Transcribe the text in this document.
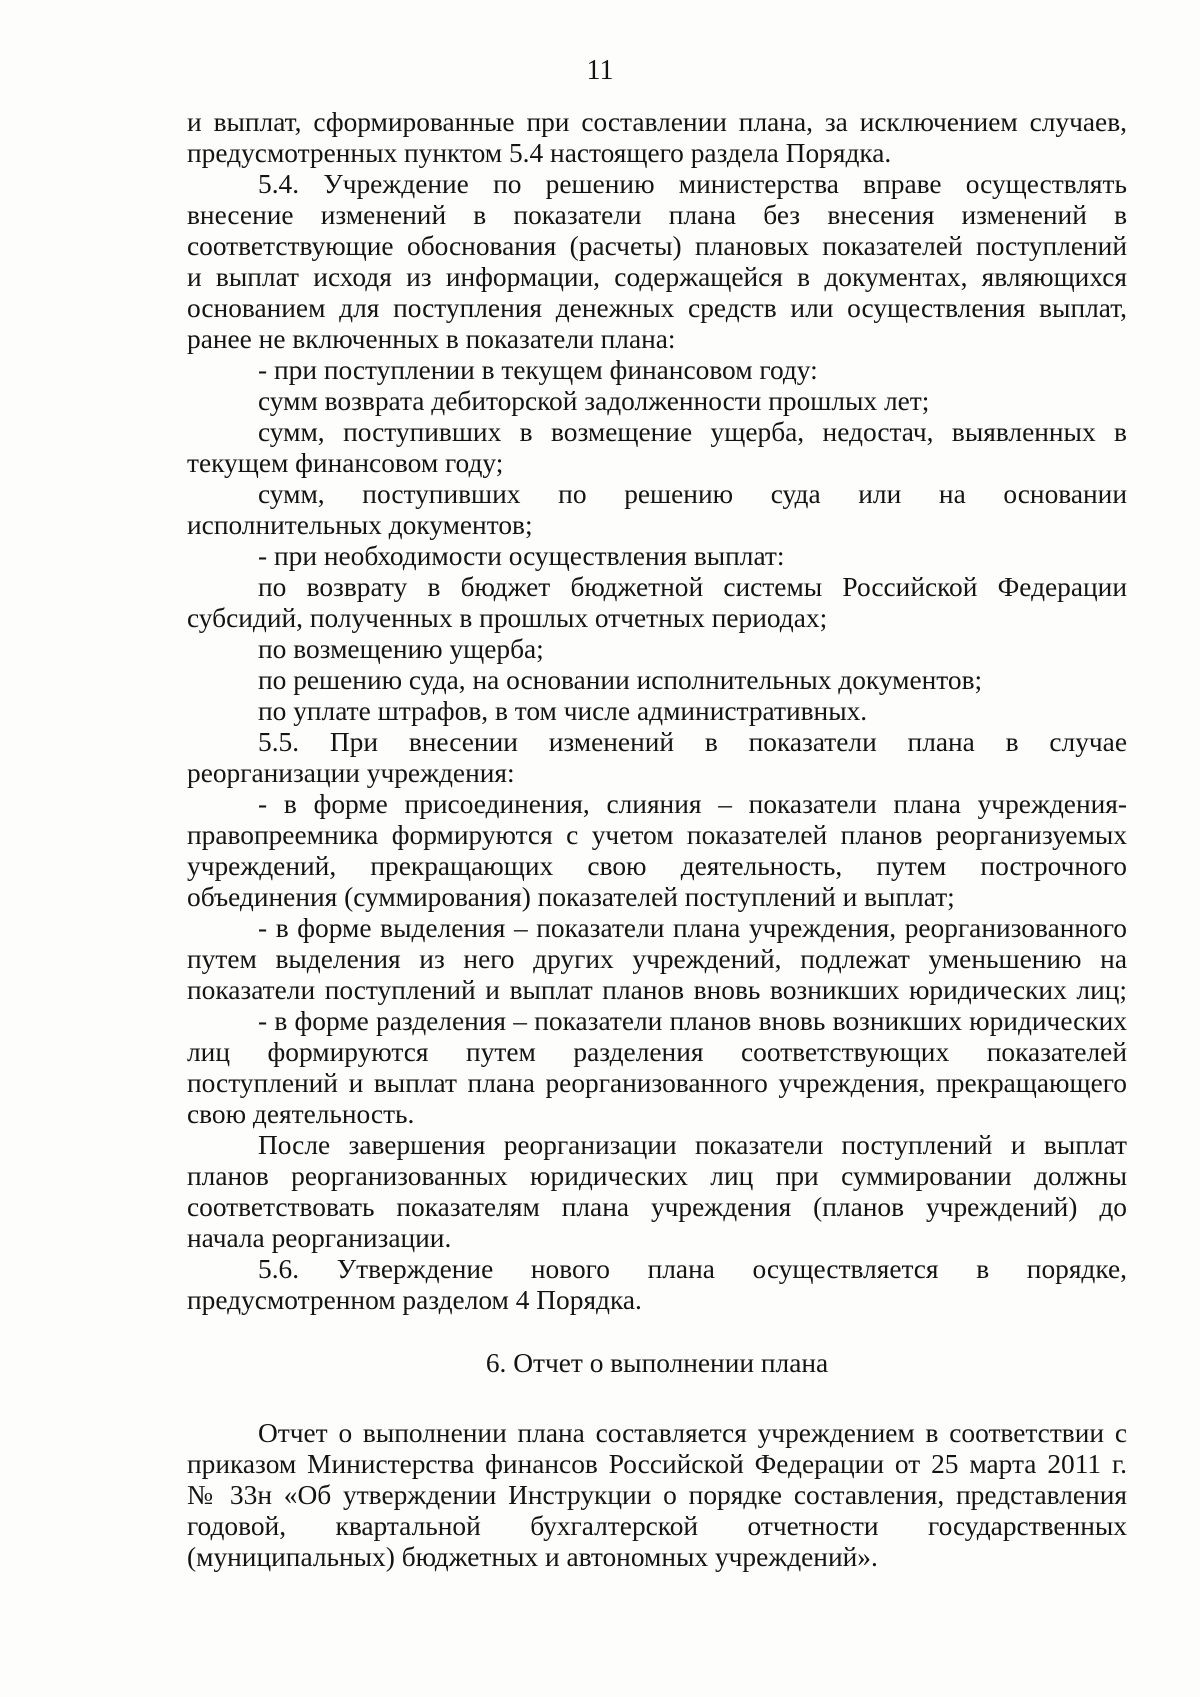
11
и выплат, сформированные при составлении плана, за исключением случаев,
предусмотренных пунктом 5.4 настоящего раздела Порядка.
5.4. Учреждение по решению министерства вправе осуществлять
внесение изменений в показатели плана без внесения изменений в
соответствующие обоснования (расчеты) плановых показателей поступлений
и выплат исходя из информации, содержащейся в документах, являющихся
основанием для поступления денежных средств или осуществления выплат,
ранее не включенных в показатели плана:
- при поступлении в текущем финансовом году:
сумм возврата дебиторской задолженности прошлых лет;
сумм, поступивших в возмещение ущерба, недостач, выявленных в
текущем финансовом году;
сумм, поступивших по решению суда или на основании
исполнительных документов;
- при необходимости осуществления выплат:
по возврату в бюджет бюджетной системы Российской Федерации
субсидий, полученных в прошлых отчетных периодах;
по возмещению ущерба;
по решению суда, на основании исполнительных документов;
по уплате штрафов, в том числе административных.
5.5. При внесении изменений в показатели плана в случае
реорганизации учреждения:
- в форме присоединения, слияния – показатели плана учреждения-
правопреемника формируются с учетом показателей планов реорганизуемых
учреждений, прекращающих свою деятельность, путем построчного
объединения (суммирования) показателей поступлений и выплат;
- в форме выделения – показатели плана учреждения, реорганизованного
путем выделения из него других учреждений, подлежат уменьшению на
показатели поступлений и выплат планов вновь возникших юридических лиц;
- в форме разделения – показатели планов вновь возникших юридических
лиц формируются путем разделения соответствующих показателей
поступлений и выплат плана реорганизованного учреждения, прекращающего
свою деятельность.
После завершения реорганизации показатели поступлений и выплат
планов реорганизованных юридических лиц при суммировании должны
соответствовать показателям плана учреждения (планов учреждений) до
начала реорганизации.
5.6. Утверждение нового плана осуществляется в порядке,
предусмотренном разделом 4 Порядка.
6. Отчет о выполнении плана
Отчет о выполнении плана составляется учреждением в соответствии с
приказом Министерства финансов Российской Федерации от 25 марта 2011 г.
№ 33н «Об утверждении Инструкции о порядке составления, представления
годовой, квартальной бухгалтерской отчетности государственных
(муниципальных) бюджетных и автономных учреждений».
